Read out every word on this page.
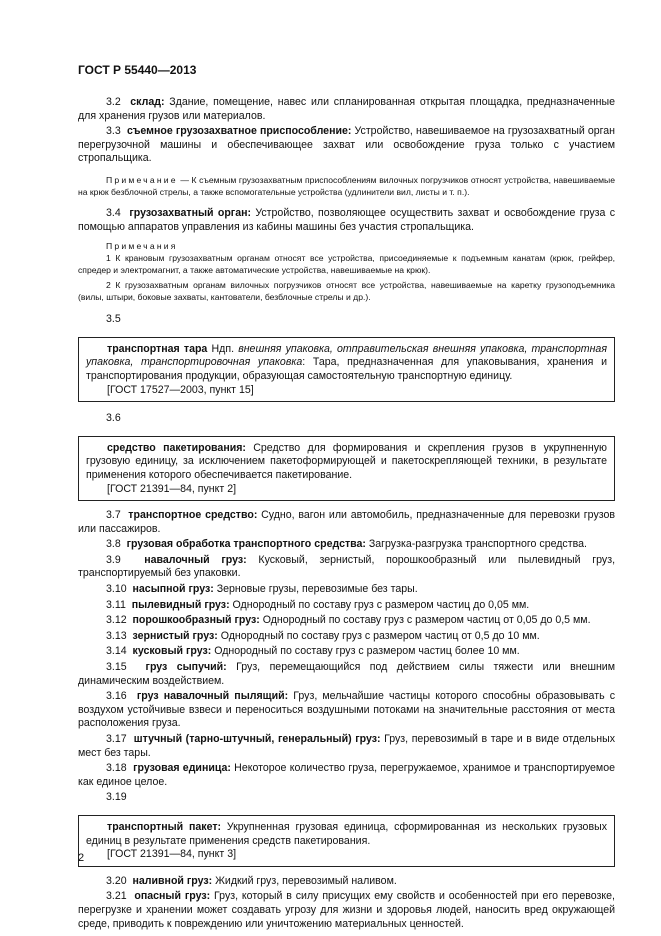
ГОСТ Р 55440—2013

3.2 склад: Здание, помещение, навес или спланированная открытая площадка, предназначенные для хранения грузов или материалов.

3.3 съемное грузозахватное приспособление: Устройство, навешиваемое на грузозахватный орган перегрузочной машины и обеспечивающее захват или освобождение груза только с участием стропальщика.

Примечание — К съемным грузозахватным приспособлениям вилочных погрузчиков относят устройства, навешиваемые на крюк безблочной стрелы, а также вспомогательные устройства (удлинители вил, листы и т. п.).

3.4 грузозахватный орган: Устройство, позволяющее осуществить захват и освобождение груза с помощью аппаратов управления из кабины машины без участия стропальщика.

Примечания

1 К крановым грузозахватным органам относят все устройства, присоединяемые к подъемным канатам (крюк, грейфер, спредер и электромагнит, а также автоматические устройства, навешиваемые на крюк).

2 К грузозахватным органам вилочных погрузчиков относят все устройства, навешиваемые на каретку грузоподъемника (вилы, штыри, боковые захваты, кантователи, безблочные стрелы и др.).

3.5

транспортная тара Ндп. внешняя упаковка, отправительская внешняя упаковка, транспортная упаковка, транспортировочная упаковка: Тара, предназначенная для упаковывания, хранения и транспортирования продукции, образующая самостоятельную транспортную единицу.

[ГОСТ 17527—2003, пункт 15]

3.6

средство пакетирования: Средство для формирования и скрепления грузов в укрупненную грузовую единицу, за исключением пакетоформирующей и пакетоскрепляющей техники, в результате применения которого обеспечивается пакетирование.

[ГОСТ 21391—84, пункт 2]

3.7 транспортное средство: Судно, вагон или автомобиль, предназначенные для перевозки грузов или пассажиров.

3.8 грузовая обработка транспортного средства: Загрузка-разгрузка транспортного средства.

3.9 навалочный груз: Кусковый, зернистый, порошкообразный или пылевидный груз, транспортируемый без упаковки.

3.10 насыпной груз: Зерновые грузы, перевозимые без тары.

3.11 пылевидный груз: Однородный по составу груз с размером частиц до 0,05 мм.

3.12 порошкообразный груз: Однородный по составу груз с размером частиц от 0,05 до 0,5 мм.

3.13 зернистый груз: Однородный по составу груз с размером частиц от 0,5 до 10 мм.

3.14 кусковый груз: Однородный по составу груз с размером частиц более 10 мм.

3.15 груз сыпучий: Груз, перемещающийся под действием силы тяжести или внешним динамическим воздействием.

3.16 груз навалочный пылящий: Груз, мельчайшие частицы которого способны образовывать с воздухом устойчивые взвеси и переноситься воздушными потоками на значительные расстояния от места расположения груза.

3.17 штучный (тарно-штучный, генеральный) груз: Груз, перевозимый в таре и в виде отдельных мест без тары.

3.18 грузовая единица: Некоторое количество груза, перегружаемое, хранимое и транспортируемое как единое целое.

3.19

транспортный пакет: Укрупненная грузовая единица, сформированная из нескольких грузовых единиц в результате применения средств пакетирования.

[ГОСТ 21391—84, пункт 3]

3.20 наливной груз: Жидкий груз, перевозимый наливом.

3.21 опасный груз: Груз, который в силу присущих ему свойств и особенностей при его перевозке, перегрузке и хранении может создавать угрозу для жизни и здоровья людей, наносить вред окружающей среде, приводить к повреждению или уничтожению материальных ценностей.

2
